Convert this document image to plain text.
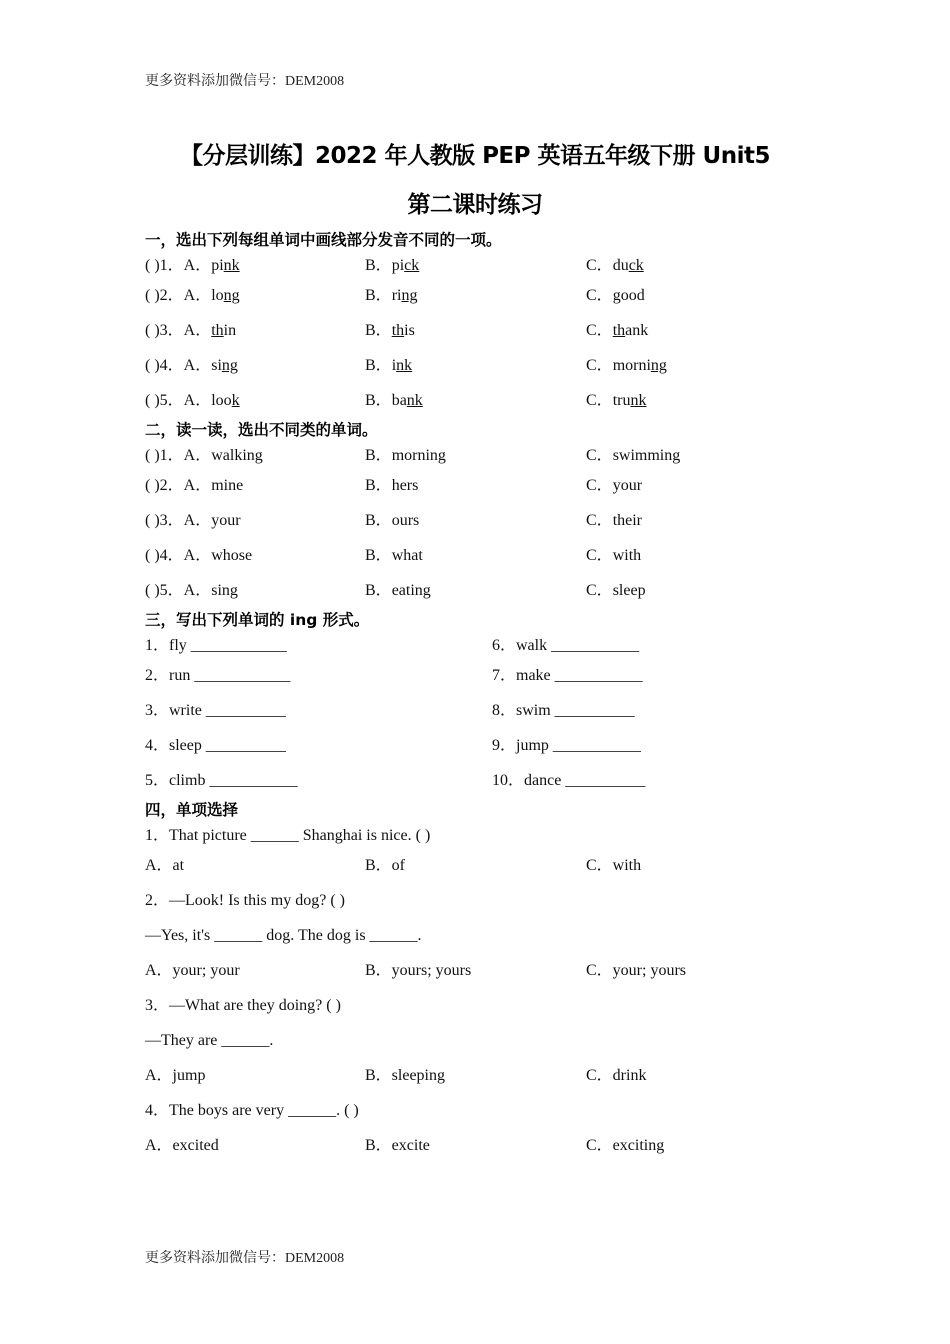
更多资料添加微信号：DEM2008
【分层训练】2022 年人教版 PEP 英语五年级下册 Unit5
第二课时练习
一，选出下列每组单词中画线部分发音不同的一项。
( )1．A．pink	B．pick	C．duck
( )2．A．long	B．ring	C．good
( )3．A．thin	B．this	C．thank
( )4．A．sing	B．ink	C．morning
( )5．A．look	B．bank	C．trunk
二，读一读，选出不同类的单词。
( )1．A．walking	B．morning	C．swimming
( )2．A．mine	B．hers	C．your
( )3．A．your	B．ours	C．their
( )4．A．whose	B．what	C．with
( )5．A．sing	B．eating	C．sleep
三，写出下列单词的 ing 形式。
1．fly ____________	6．walk ___________
2．run ____________	7．make ___________
3．write __________	8．swim __________
4．sleep __________	9．jump ___________
5．climb ___________	10．dance __________
四，单项选择
1．That picture ______ Shanghai is nice. ( )
A．at	B．of	C．with
2．—Look! Is this my dog? ( )
—Yes, it's ______ dog. The dog is ______.
A．your; your	B．yours; yours	C．your; yours
3．—What are they doing? ( )
—They are ______.
A．jump	B．sleeping	C．drink
4．The boys are very ______. ( )
A．excited	B．excite	C．exciting
更多资料添加微信号：DEM2008
